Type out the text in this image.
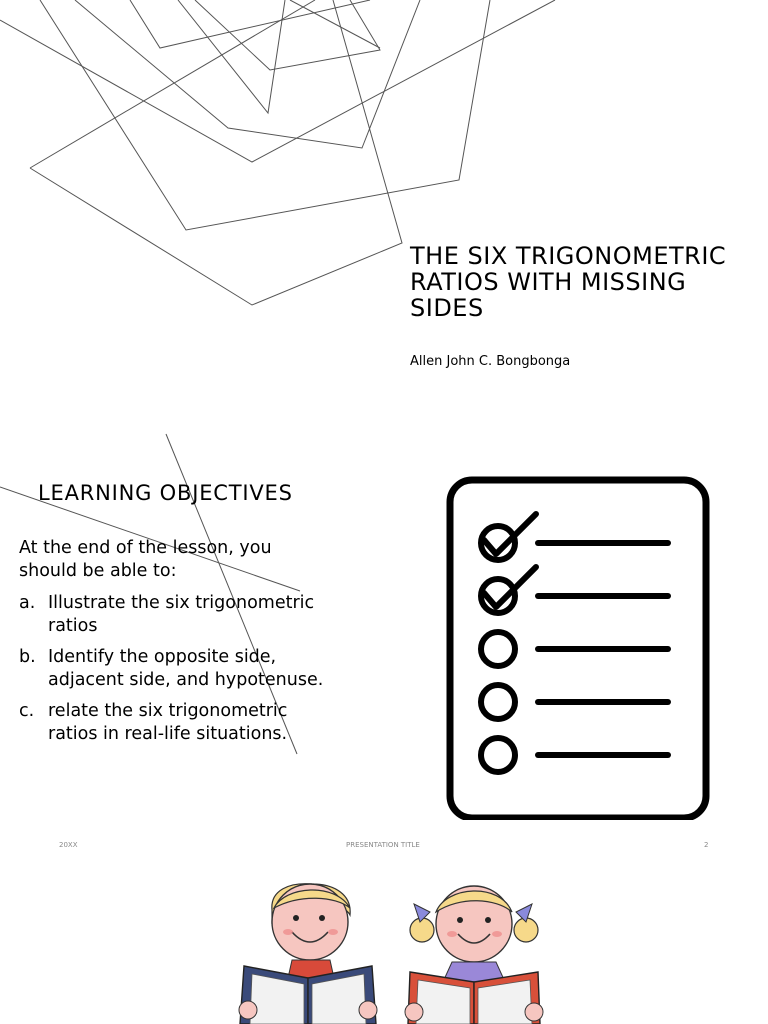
THE SIX TRIGONOMETRIC RATIOS WITH MISSING SIDES
Allen John C. Bongbonga
LEARNING OBJECTIVES
At the end of the lesson, you should be able to:
a. Illustrate the six trigonometric ratios
b. Identify the opposite side, adjacent side, and hypotenuse.
c. relate the six trigonometric ratios in real-life situations.
20XX	PRESENTATION TITLE	2
